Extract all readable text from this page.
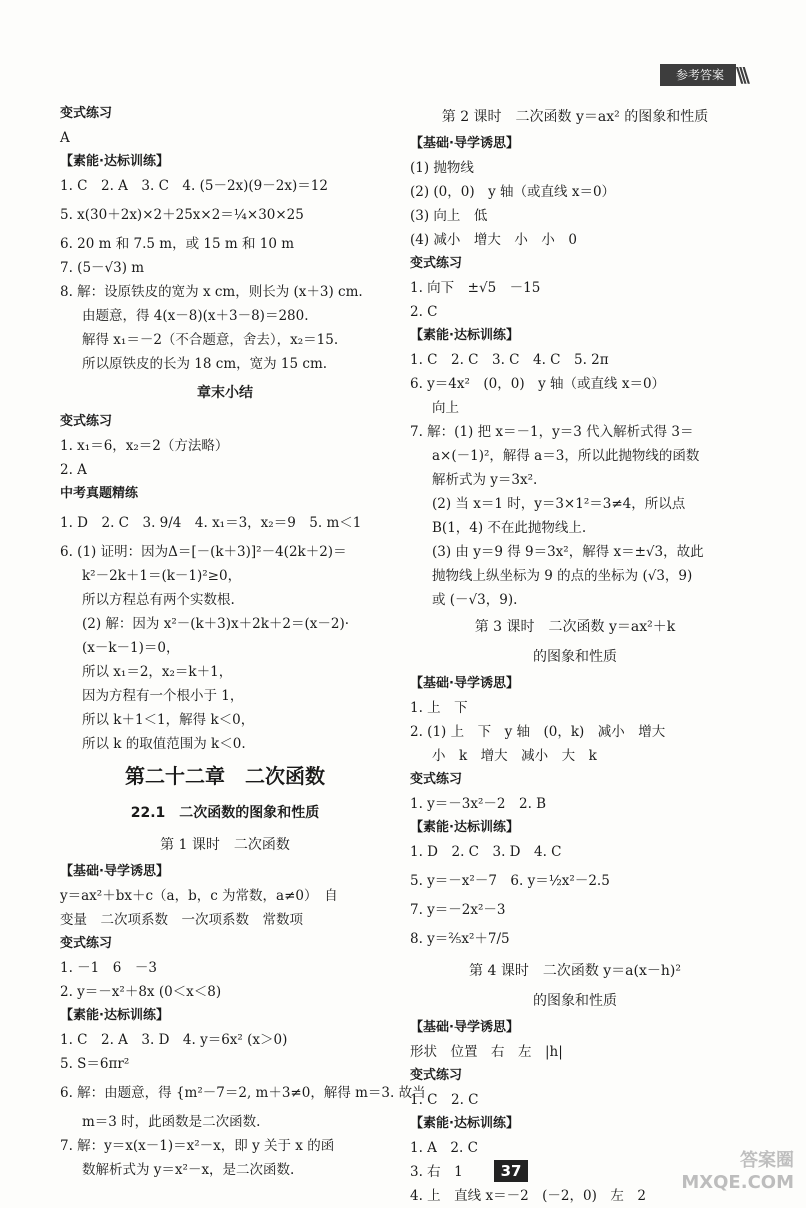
参考答案 \\\
变式练习
A
【素能·达标训练】
1. C　2. A　3. C　4. (5－2x)(9－2x)＝12
5. x(30＋2x)×2＋25x×2＝¼×30×25
6. 20 m 和 7.5 m，或 15 m 和 10 m
7. (5－√3) m
8. 解：设原铁皮的宽为 x cm，则长为 (x＋3) cm.
由题意，得 4(x－8)(x＋3－8)＝280.
解得 x₁＝－2（不合题意，舍去），x₂＝15.
所以原铁皮的长为 18 cm，宽为 15 cm.
章末小结
变式练习
1. x₁＝6，x₂＝2（方法略）
2. A
中考真题精练
1. D　2. C　3. 9/4　4. x₁＝3，x₂＝9　5. m＜1
6. (1) 证明：因为Δ＝[－(k＋3)]²－4(2k＋2)＝
k²－2k＋1＝(k－1)²≥0，
所以方程总有两个实数根.
(2) 解：因为 x²－(k＋3)x＋2k＋2＝(x－2)·
(x－k－1)＝0，
所以 x₁＝2，x₂＝k＋1，
因为方程有一个根小于 1，
所以 k＋1＜1，解得 k＜0，
所以 k 的取值范围为 k＜0.
第二十二章　二次函数
22.1　二次函数的图象和性质
第 1 课时　二次函数
【基础·导学诱思】
y＝ax²＋bx＋c（a，b，c 为常数，a≠0）　自
变量　二次项系数　一次项系数　常数项
变式练习
1. －1　6　－3
2. y＝－x²＋8x (0＜x＜8)
【素能·达标训练】
1. C　2. A　3. D　4. y＝6x² (x＞0)
5. S＝6πr²
6. 解：由题意，得 {m²－7＝2, m＋3≠0，解得 m＝3. 故当
m＝3 时，此函数是二次函数.
7. 解：y＝x(x－1)＝x²－x，即 y 关于 x 的函
数解析式为 y＝x²－x，是二次函数.
第 2 课时　二次函数 y＝ax² 的图象和性质
【基础·导学诱思】
(1) 抛物线
(2) (0，0)　y 轴（或直线 x＝0）
(3) 向上　低
(4) 减小　增大　小　小　0
变式练习
1. 向下　±√5　－15
2. C
【素能·达标训练】
1. C　2. C　3. C　4. C　5. 2π
6. y＝4x²　(0，0)　y 轴（或直线 x＝0）
向上
7. 解：(1) 把 x＝－1，y＝3 代入解析式得 3＝
a×(－1)²，解得 a＝3，所以此抛物线的函数
解析式为 y＝3x².
(2) 当 x＝1 时，y＝3×1²＝3≠4，所以点
B(1，4) 不在此抛物线上.
(3) 由 y＝9 得 9＝3x²，解得 x＝±√3，故此
抛物线上纵坐标为 9 的点的坐标为 (√3，9)
或 (－√3，9).
第 3 课时　二次函数 y＝ax²＋k
的图象和性质
【基础·导学诱思】
1. 上　下
2. (1) 上　下　y 轴　(0，k)　减小　增大
小　k　增大　减小　大　k
变式练习
1. y＝－3x²－2　2. B
【素能·达标训练】
1. D　2. C　3. D　4. C
5. y＝－x²－7　6. y＝½x²－2.5
7. y＝－2x²－3
8. y＝⅖x²＋7/5
第 4 课时　二次函数 y＝a(x－h)²
的图象和性质
【基础·导学诱思】
形状　位置　右　左　|h|
变式练习
1. C　2. C
【素能·达标训练】
1. A　2. C
3. 右　1
4. 上　直线 x＝－2　(－2，0)　左　2
37	答案圈
MXQE.COM
